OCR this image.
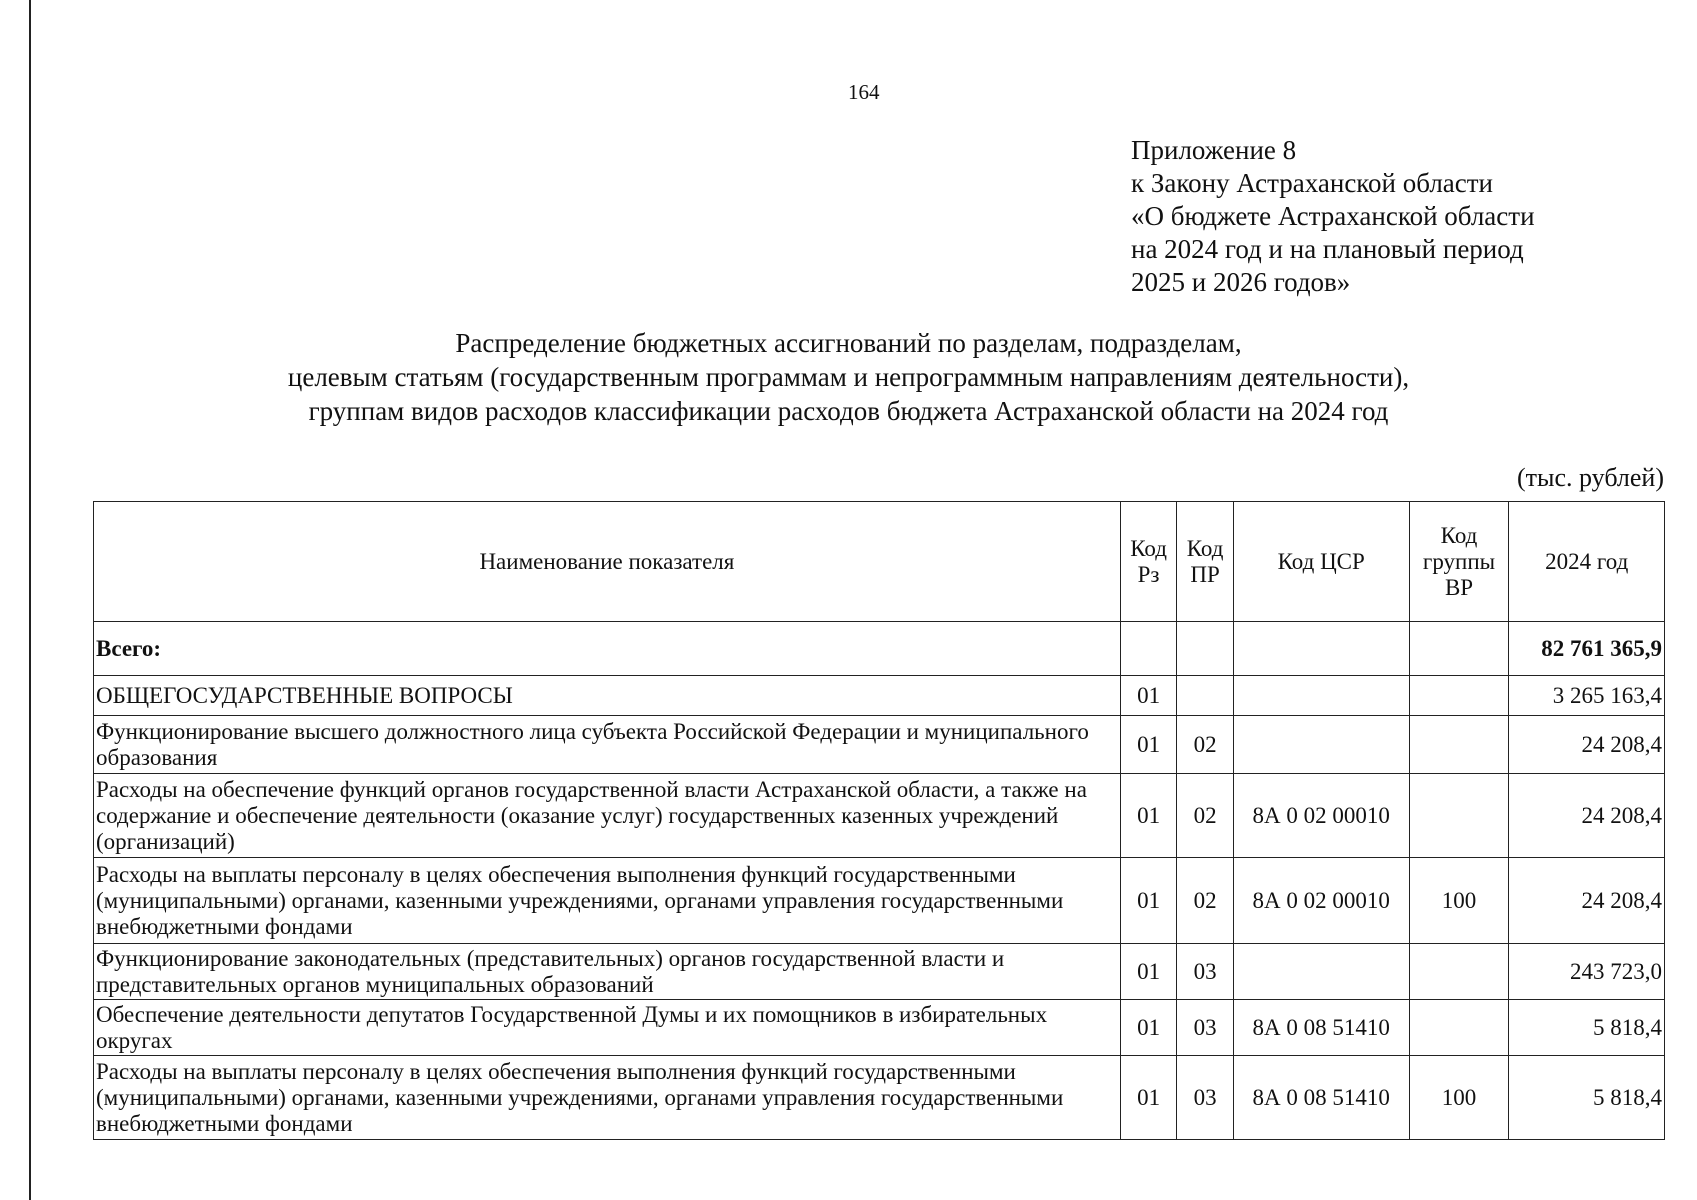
164
Приложение 8
к Закону Астраханской области
«О бюджете Астраханской области
на 2024 год и на плановый период
2025 и 2026 годов»
Распределение бюджетных ассигнований по разделам, подразделам,
целевым статьям (государственным программам и непрограммным направлениям деятельности),
группам видов расходов классификации расходов бюджета Астраханской области на 2024 год
(тыс. рублей)
Наименование показателя	Код Рз	Код ПР	Код ЦСР	Код группы ВР	2024 год
Всего:					82 761 365,9
ОБЩЕГОСУДАРСТВЕННЫЕ ВОПРОСЫ	01				3 265 163,4
Функционирование высшего должностного лица субъекта Российской Федерации и муниципального образования	01	02			24 208,4
Расходы на обеспечение функций органов государственной власти Астраханской области, а также на содержание и обеспечение деятельности (оказание услуг) государственных казенных учреждений (организаций)	01	02	8А 0 02 00010		24 208,4
Расходы на выплаты персоналу в целях обеспечения выполнения функций государственными (муниципальными) органами, казенными учреждениями, органами управления государственными внебюджетными фондами	01	02	8А 0 02 00010	100	24 208,4
Функционирование законодательных (представительных) органов государственной власти и представительных органов муниципальных образований	01	03			243 723,0
Обеспечение деятельности депутатов Государственной Думы и их помощников в избирательных округах	01	03	8А 0 08 51410		5 818,4
Расходы на выплаты персоналу в целях обеспечения выполнения функций государственными (муниципальными) органами, казенными учреждениями, органами управления государственными внебюджетными фондами	01	03	8А 0 08 51410	100	5 818,4
